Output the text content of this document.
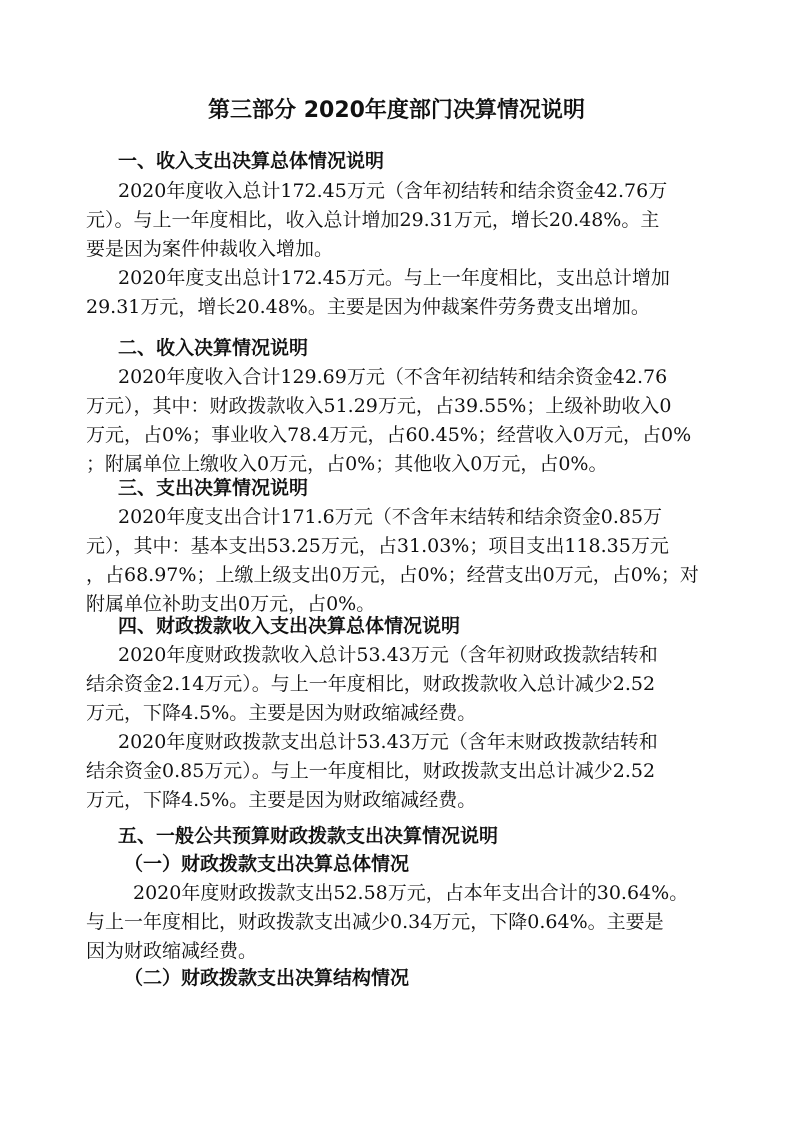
第三部分 2020年度部门决算情况说明
一、收入支出决算总体情况说明
2020年度收入总计172.45万元（含年初结转和结余资金42.76万
元）。与上一年度相比，收入总计增加29.31万元，增长20.48%。主
要是因为案件仲裁收入增加。
2020年度支出总计172.45万元。与上一年度相比，支出总计增加
29.31万元，增长20.48%。主要是因为仲裁案件劳务费支出增加。
二、收入决算情况说明
2020年度收入合计129.69万元（不含年初结转和结余资金42.76
万元），其中：财政拨款收入51.29万元，占39.55%；上级补助收入0
万元，占0%；事业收入78.4万元，占60.45%；经营收入0万元，占0%
；附属单位上缴收入0万元，占0%；其他收入0万元，占0%。
三、支出决算情况说明
2020年度支出合计171.6万元（不含年末结转和结余资金0.85万
元），其中：基本支出53.25万元，占31.03%；项目支出118.35万元
，占68.97%；上缴上级支出0万元，占0%；经营支出0万元，占0%；对
附属单位补助支出0万元，占0%。
四、财政拨款收入支出决算总体情况说明
2020年度财政拨款收入总计53.43万元（含年初财政拨款结转和
结余资金2.14万元）。与上一年度相比，财政拨款收入总计减少2.52
万元，下降4.5%。主要是因为财政缩减经费。
2020年度财政拨款支出总计53.43万元（含年末财政拨款结转和
结余资金0.85万元）。与上一年度相比，财政拨款支出总计减少2.52
万元，下降4.5%。主要是因为财政缩减经费。
五、一般公共预算财政拨款支出决算情况说明
（一）财政拨款支出决算总体情况
2020年度财政拨款支出52.58万元，占本年支出合计的30.64%。
与上一年度相比，财政拨款支出减少0.34万元，下降0.64%。主要是
因为财政缩减经费。
（二）财政拨款支出决算结构情况
